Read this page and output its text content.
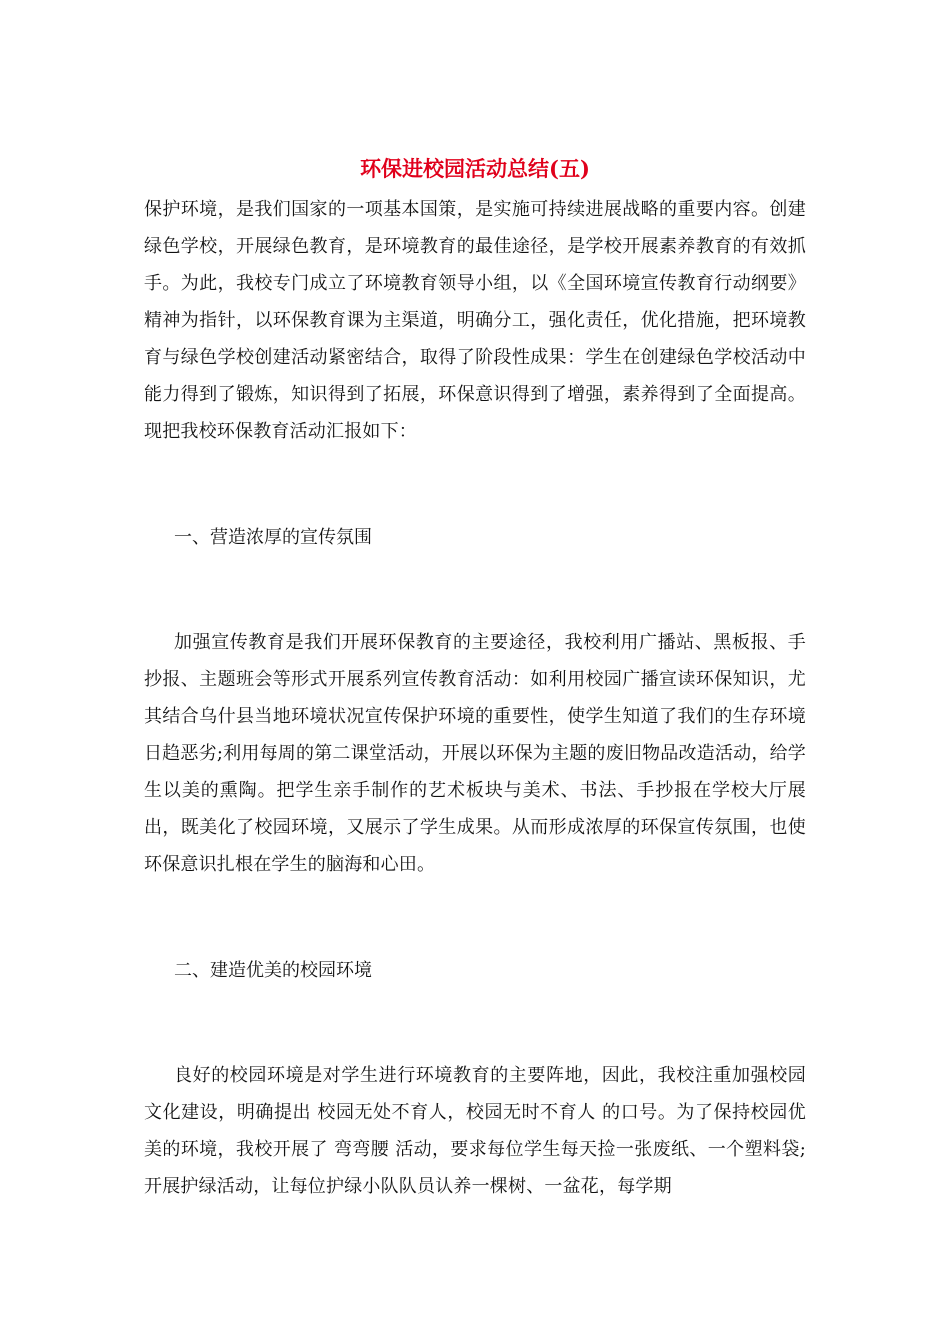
环保进校园活动总结(五)

保护环境，是我们国家的一项基本国策，是实施可持续进展战略的重要内容。创建绿色学校，开展绿色教育，是环境教育的最佳途径，是学校开展素养教育的有效抓手。为此，我校专门成立了环境教育领导小组，以《全国环境宣传教育行动纲要》精神为指针，以环保教育课为主渠道，明确分工，强化责任，优化措施，把环境教育与绿色学校创建活动紧密结合，取得了阶段性成果：学生在创建绿色学校活动中能力得到了锻炼，知识得到了拓展，环保意识得到了增强，素养得到了全面提高。现把我校环保教育活动汇报如下：

一、营造浓厚的宣传氛围

加强宣传教育是我们开展环保教育的主要途径，我校利用广播站、黑板报、手抄报、主题班会等形式开展系列宣传教育活动：如利用校园广播宣读环保知识，尤其结合乌什县当地环境状况宣传保护环境的重要性，使学生知道了我们的生存环境日趋恶劣;利用每周的第二课堂活动，开展以环保为主题的废旧物品改造活动，给学生以美的熏陶。把学生亲手制作的艺术板块与美术、书法、手抄报在学校大厅展出，既美化了校园环境，又展示了学生成果。从而形成浓厚的环保宣传氛围，也使环保意识扎根在学生的脑海和心田。

二、建造优美的校园环境

良好的校园环境是对学生进行环境教育的主要阵地，因此，我校注重加强校园文化建设，明确提出 校园无处不育人，校园无时不育人 的口号。为了保持校园优美的环境，我校开展了 弯弯腰 活动，要求每位学生每天捡一张废纸、一个塑料袋;开展护绿活动，让每位护绿小队队员认养一棵树、一盆花，每学期
